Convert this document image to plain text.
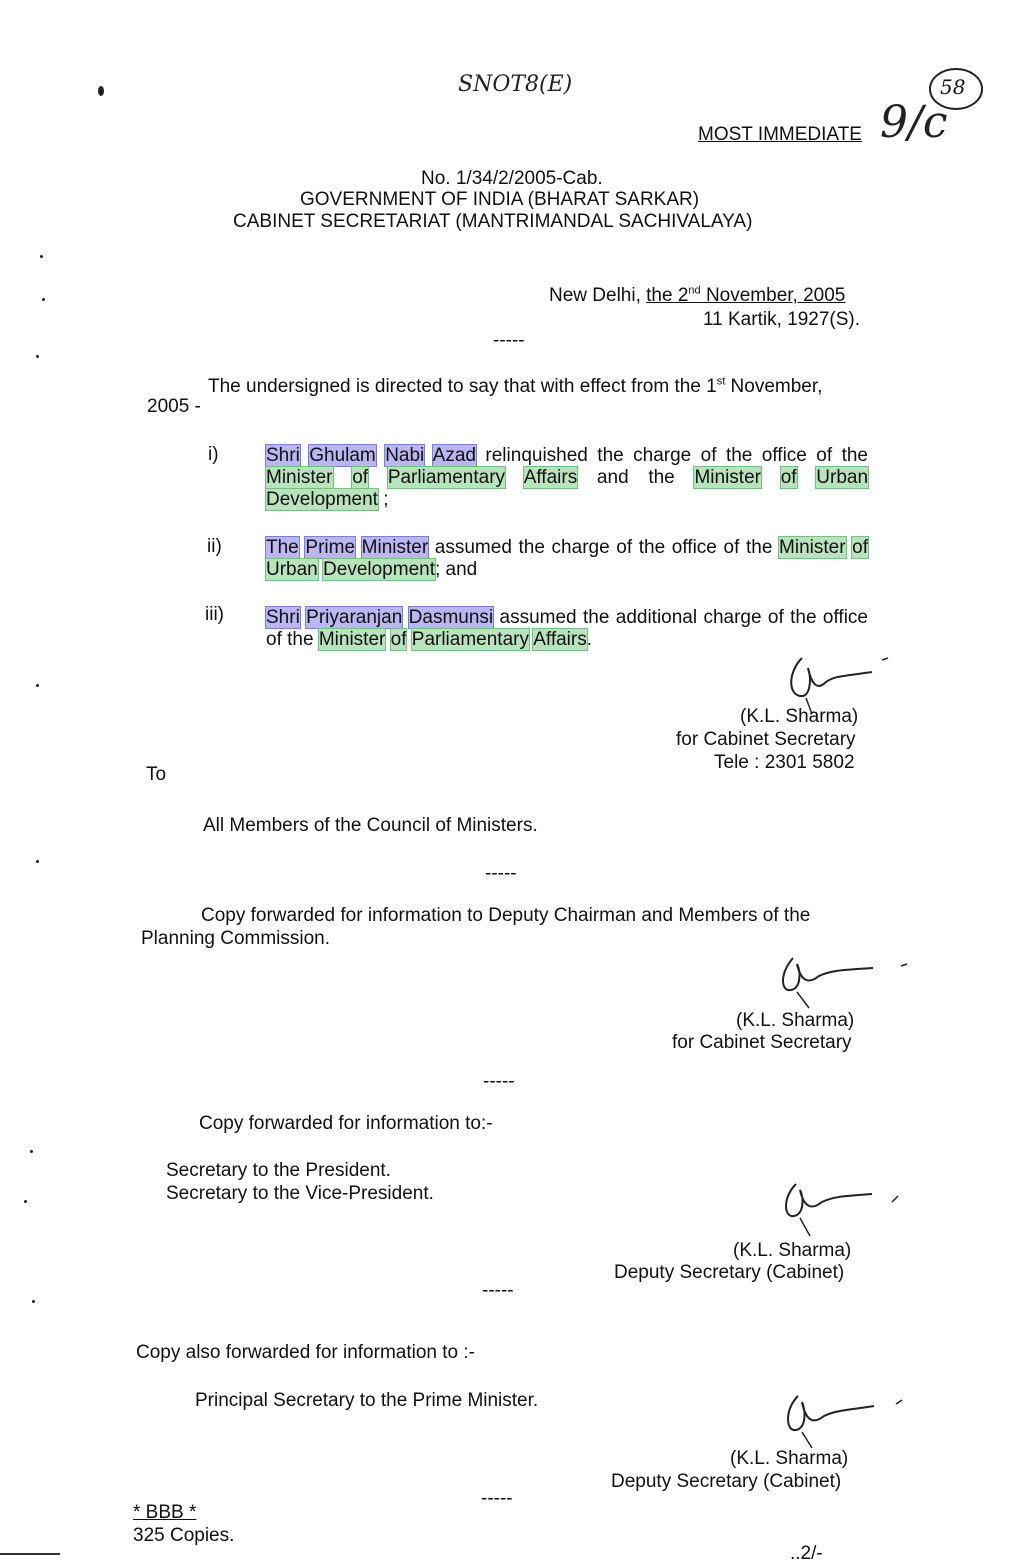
SNOT8(E)	58
9/c
MOST IMMEDIATE
No. 1/34/2/2005-Cab.
GOVERNMENT OF INDIA (BHARAT SARKAR)
CABINET SECRETARIAT (MANTRIMANDAL SACHIVALAYA)
New Delhi, the 2nd November, 2005
11 Kartik, 1927(S).
-----
The undersigned is directed to say that with effect from the 1st November,
2005 -
i) Shri Ghulam Nabi Azad relinquished the charge of the office of the Minister of Parliamentary Affairs and the Minister of Urban Development ;
ii) The Prime Minister assumed the charge of the office of the Minister of Urban Development; and
iii) Shri Priyaranjan Dasmunsi assumed the additional charge of the office of the Minister of Parliamentary Affairs.
(K.L. Sharma)
for Cabinet Secretary
Tele : 2301 5802
To
All Members of the Council of Ministers.
-----
Copy forwarded for information to Deputy Chairman and Members of the
Planning Commission.
(K.L. Sharma)
for Cabinet Secretary
-----
Copy forwarded for information to:-
Secretary to the President.
Secretary to the Vice-President.
(K.L. Sharma)
Deputy Secretary (Cabinet)
-----
Copy also forwarded for information to :-
Principal Secretary to the Prime Minister.
(K.L. Sharma)
Deputy Secretary (Cabinet)
* BBB *
-----
325 Copies.
..2/-
